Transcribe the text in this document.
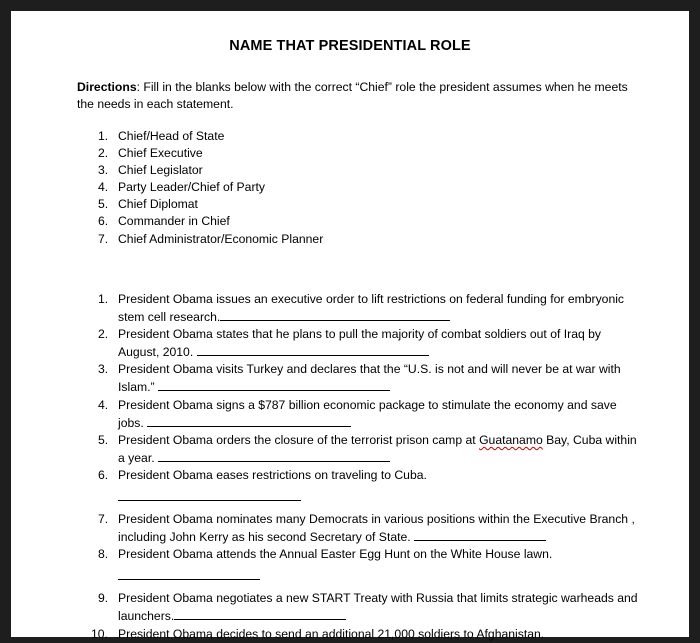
NAME THAT PRESIDENTIAL ROLE
Directions: Fill in the blanks below with the correct “Chief” role the president assumes when he meets the needs in each statement.
1. Chief/Head of State
2. Chief Executive
3. Chief Legislator
4. Party Leader/Chief of Party
5. Chief Diplomat
6. Commander in Chief
7. Chief Administrator/Economic Planner
1. President Obama issues an executive order to lift restrictions on federal funding for embryonic stem cell research.
2. President Obama states that he plans to pull the majority of combat soldiers out of Iraq by August, 2010.
3. President Obama visits Turkey and declares that the “U.S. is not and will never be at war with Islam.”
4. President Obama signs a $787 billion economic package to stimulate the economy and save jobs.
5. President Obama orders the closure of the terrorist prison camp at Guatanamo Bay, Cuba within a year.
6. President Obama eases restrictions on traveling to Cuba.
7. President Obama nominates many Democrats in various positions within the Executive Branch , including John Kerry as his second Secretary of State.
8. President Obama attends the Annual Easter Egg Hunt on the White House lawn.
9. President Obama negotiates a new START Treaty with Russia that limits strategic warheads and launchers.
10. President Obama decides to send an additional 21,000 soldiers to Afghanistan.
